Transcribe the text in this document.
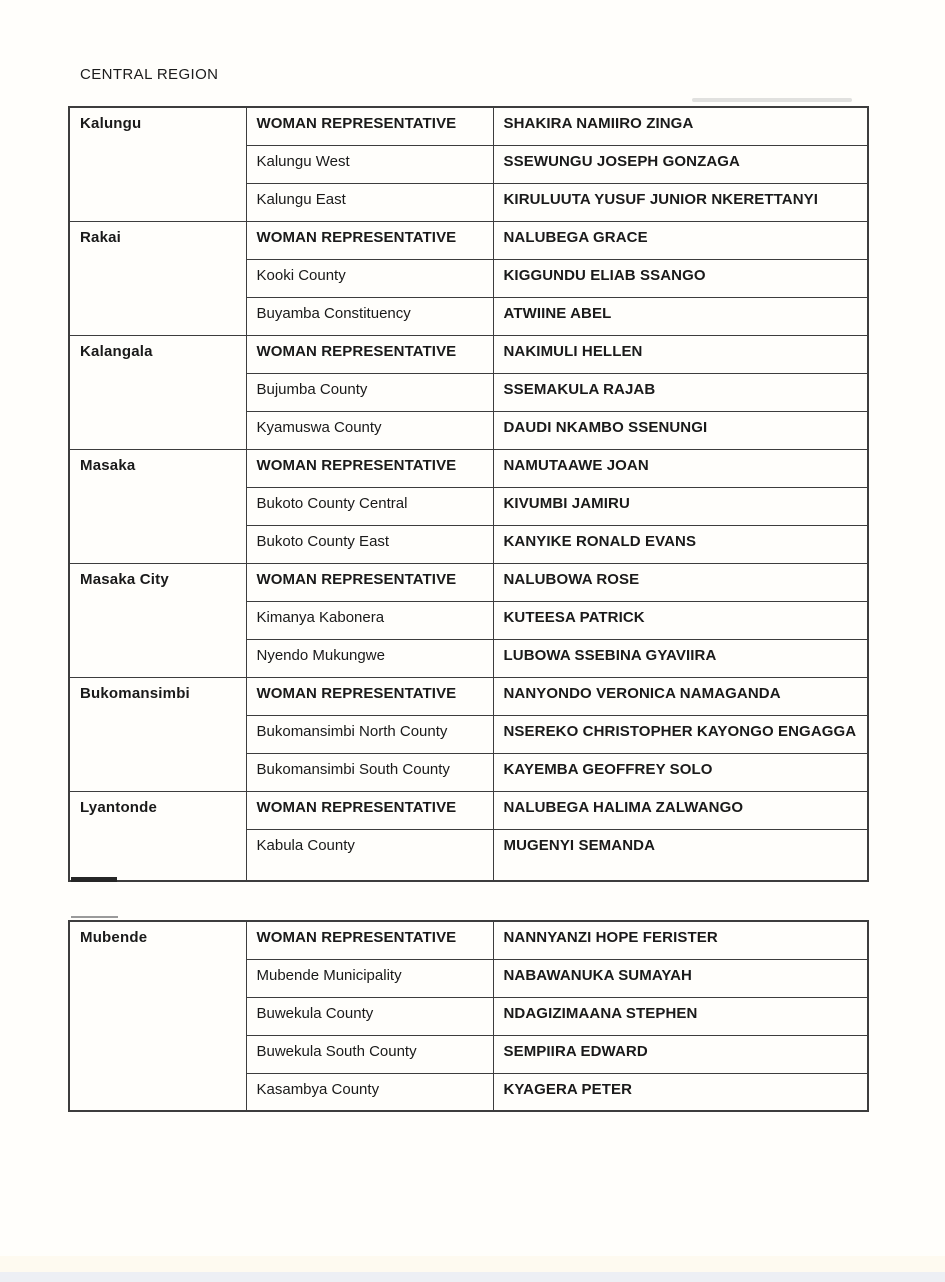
CENTRAL REGION
Kalungu	WOMAN REPRESENTATIVE	SHAKIRA NAMIIRO ZINGA
	Kalungu West	SSEWUNGU JOSEPH GONZAGA
	Kalungu East	KIRULUUTA YUSUF JUNIOR NKERETTANYI
Rakai	WOMAN REPRESENTATIVE	NALUBEGA GRACE
	Kooki County	KIGGUNDU ELIAB SSANGO
	Buyamba Constituency	ATWIINE ABEL
Kalangala	WOMAN REPRESENTATIVE	NAKIMULI HELLEN
	Bujumba County	SSEMAKULA RAJAB
	Kyamuswa County	DAUDI NKAMBO SSENUNGI
Masaka	WOMAN REPRESENTATIVE	NAMUTAAWE JOAN
	Bukoto County Central	KIVUMBI JAMIRU
	Bukoto County East	KANYIKE RONALD EVANS
Masaka City	WOMAN REPRESENTATIVE	NALUBOWA ROSE
	Kimanya Kabonera	KUTEESA PATRICK
	Nyendo Mukungwe	LUBOWA SSEBINA GYAVIIRA
Bukomansimbi	WOMAN REPRESENTATIVE	NANYONDO VERONICA NAMAGANDA
	Bukomansimbi North County	NSEREKO CHRISTOPHER KAYONGO ENGAGGA
	Bukomansimbi South County	KAYEMBA GEOFFREY SOLO
Lyantonde	WOMAN REPRESENTATIVE	NALUBEGA HALIMA ZALWANGO
	Kabula County	MUGENYI SEMANDA
Mubende	WOMAN REPRESENTATIVE	NANNYANZI HOPE FERISTER
	Mubende Municipality	NABAWANUKA SUMAYAH
	Buwekula County	NDAGIZIMAANA STEPHEN
	Buwekula South County	SEMPIIRA EDWARD
	Kasambya County	KYAGERA PETER
